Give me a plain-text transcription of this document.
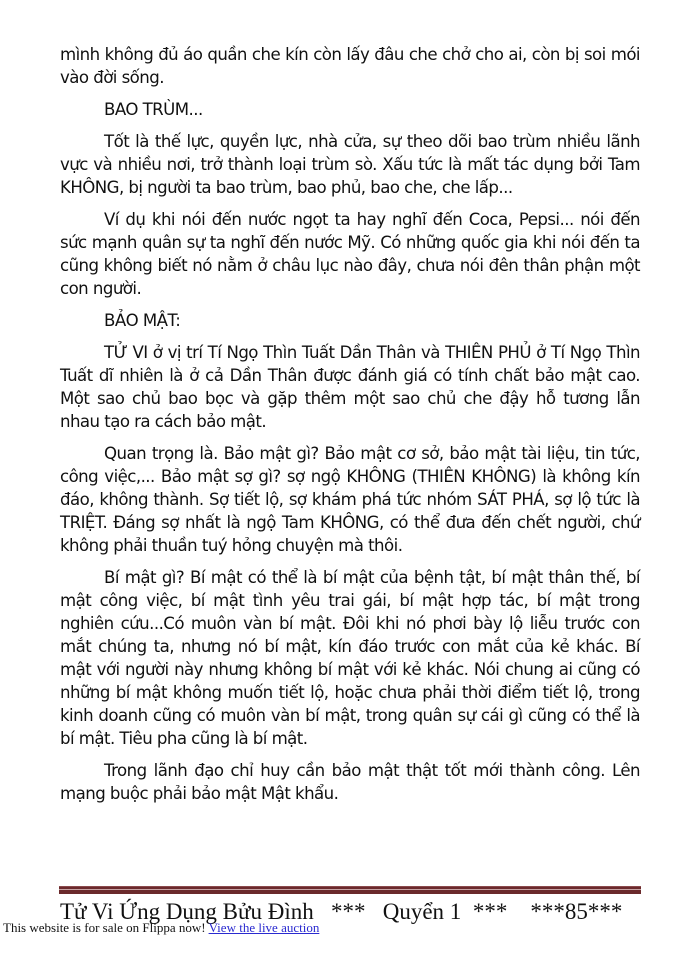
mình không đủ áo quần che kín còn lấy đâu che chở cho ai, còn bị soi mói vào đời sống.

BAO TRÙM...

Tốt là thế lực, quyền lực, nhà cửa, sự theo dõi bao trùm nhiều lãnh vực và nhiều nơi, trở thành loại trùm sò. Xấu tức là mất tác dụng bởi Tam KHÔNG, bị người ta bao trùm, bao phủ, bao che, che lấp...

Ví dụ khi nói đến nước ngọt ta hay nghĩ đến Coca, Pepsi... nói đến sức mạnh quân sự ta nghĩ đến nước Mỹ. Có những quốc gia khi nói đến ta cũng không biết nó nằm ở châu lục nào đây, chưa nói đên thân phận một con người.

BẢO MẬT:

TỬ VI ở vị trí Tí Ngọ Thìn Tuất Dần Thân và THIÊN PHỦ ở Tí Ngọ Thìn Tuất dĩ nhiên là ở cả Dần Thân được đánh giá có tính chất bảo mật cao. Một sao chủ bao bọc và gặp thêm một sao chủ che đậy hỗ tương lẫn nhau tạo ra cách bảo mật.

Quan trọng là. Bảo mật gì? Bảo mật cơ sở, bảo mật tài liệu, tin tức, công việc,... Bảo mật sợ gì? sợ ngộ KHÔNG (THIÊN KHÔNG) là không kín đáo, không thành. Sợ tiết lộ, sợ khám phá tức nhóm SÁT PHÁ, sợ lộ tức là TRIỆT. Đáng sợ nhất là ngộ Tam KHÔNG, có thể đưa đến chết người, chứ không phải thuần tuý hỏng chuyện mà thôi.

Bí mật gì? Bí mật có thể là bí mật của bệnh tật, bí mật thân thế, bí mật công việc, bí mật tình yêu trai gái, bí mật hợp tác, bí mật trong nghiên cứu...Có muôn vàn bí mật. Đôi khi nó phơi bày lộ liễu trước con mắt chúng ta, nhưng nó bí mật, kín đáo trước con mắt của kẻ khác. Bí mật với người này nhưng không bí mật với kẻ khác. Nói chung ai cũng có những bí mật không muốn tiết lộ, hoặc chưa phải thời điểm tiết lộ, trong kinh doanh cũng có muôn vàn bí mật, trong quân sự cái gì cũng có thể là bí mật. Tiêu pha cũng là bí mật.

Trong lãnh đạo chỉ huy cần bảo mật thật tốt mới thành công. Lên mạng buộc phải bảo mật Mật khẩu.

Tử Vi Ứng Dụng Bửu Đình *** Quyển 1 *** ***85***
This website is for sale on Flippa now! View the live auction
